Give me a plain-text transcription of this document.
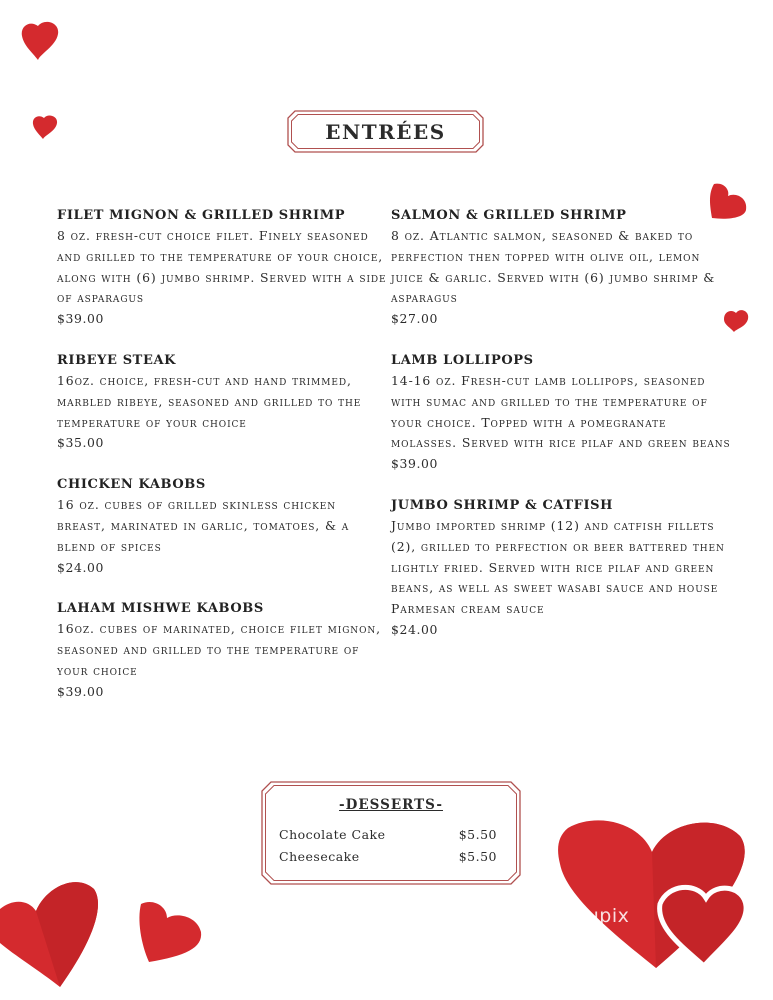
ENTRÉES
FILET MIGNON & GRILLED SHRIMP
8 oz. fresh-cut choice filet. Finely seasoned and grilled to the temperature of your choice, along with (6) jumbo shrimp. Served with a side of asparagus
$39.00
RIBEYE STEAK
16oz. choice, fresh-cut and hand trimmed, marbled ribeye, seasoned and grilled to the temperature of your choice
$35.00
CHICKEN KABOBS
16 oz. cubes of grilled skinless chicken breast, marinated in garlic, tomatoes, & a blend of spices
$24.00
LAHAM MISHWE KABOBS
16oz. cubes of marinated, choice filet mignon, seasoned and grilled to the temperature of your choice
$39.00
SALMON & GRILLED SHRIMP
8 oz. Atlantic salmon, seasoned & baked to perfection then topped with olive oil, lemon juice & garlic. Served with (6) jumbo shrimp & asparagus
$27.00
LAMB LOLLIPOPS
14-16 oz. Fresh-cut lamb lollipops, seasoned with sumac and grilled to the temperature of your choice. Topped with a pomegranate molasses. Served with rice pilaf and green beans
$39.00
JUMBO SHRIMP & CATFISH
Jumbo imported shrimp (12) and catfish fillets (2), grilled to perfection or beer battered then lightly fried. Served with rice pilaf and green beans, as well as sweet wasabi sauce and house Parmesan cream sauce
$24.00
-DESSERTS-
Chocolate Cake	$5.50
Cheesecake	$5.50
menupix
